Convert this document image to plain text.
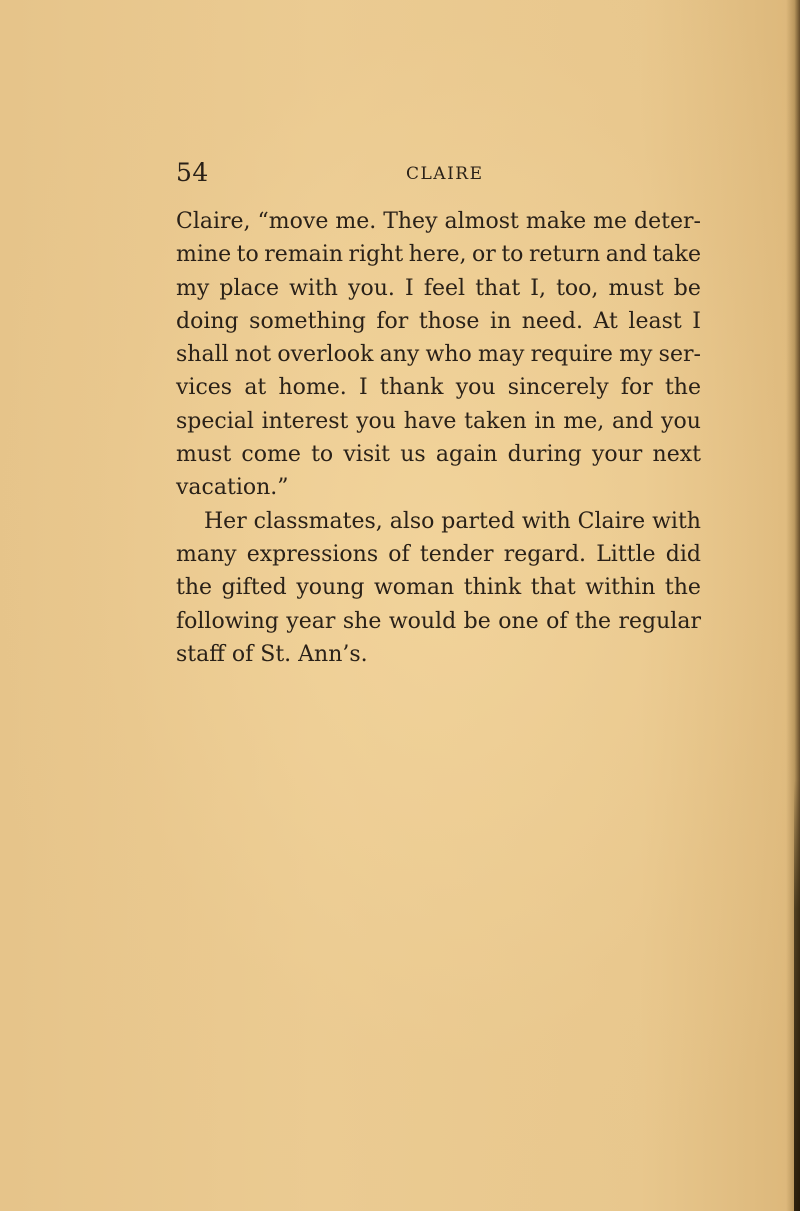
54	CLAIRE
Claire, “move me. They almost make me deter-
mine to remain right here, or to return and take
my place with you. I feel that I, too, must be
doing something for those in need. At least I
shall not overlook any who may require my ser-
vices at home. I thank you sincerely for the
special interest you have taken in me, and you
must come to visit us again during your next
vacation.”
Her classmates, also parted with Claire with
many expressions of tender regard. Little did
the gifted young woman think that within the
following year she would be one of the regular
staff of St. Ann’s.
